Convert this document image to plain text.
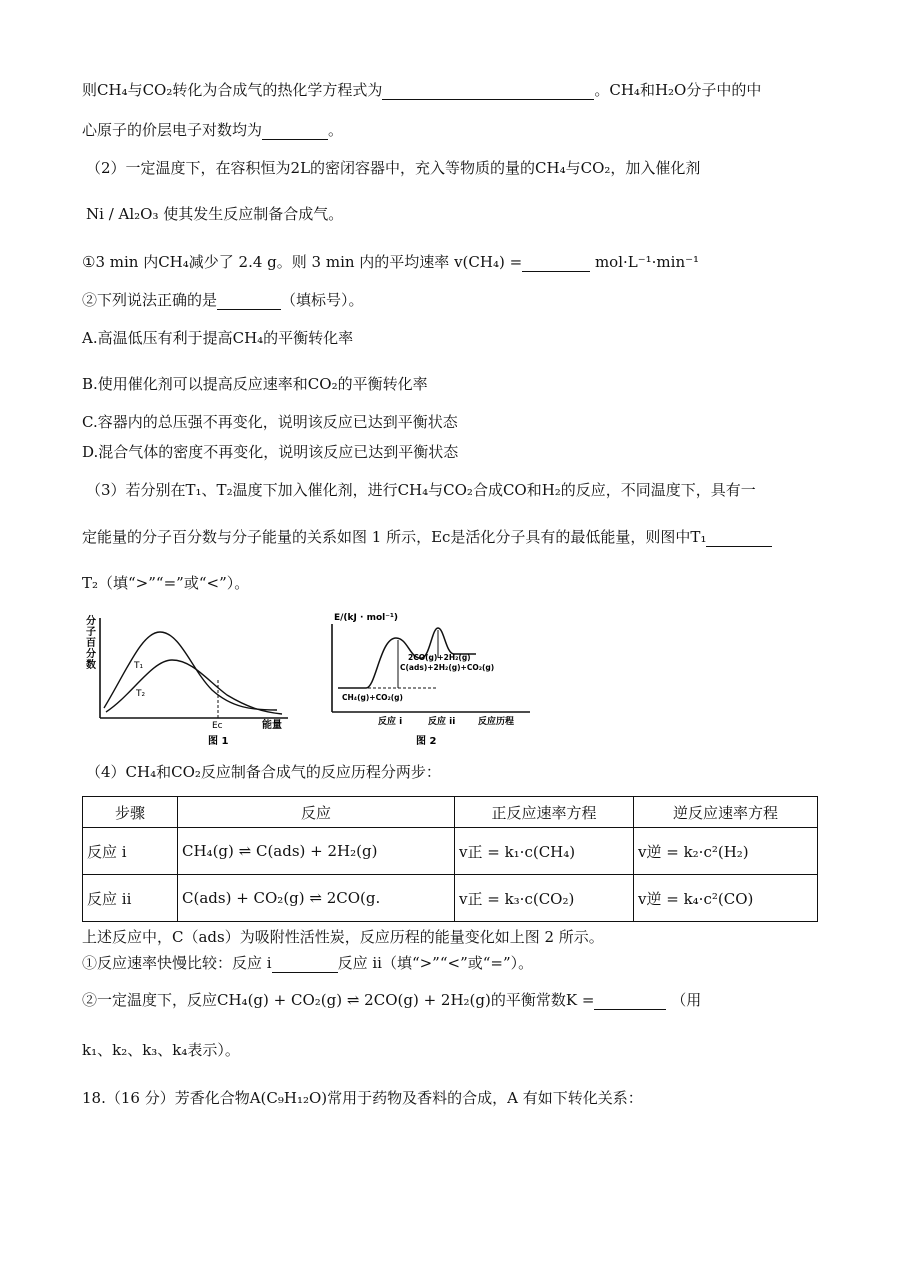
则CH₄与CO₂转化为合成气的热化学方程式为	。CH₄和H₂O分子中的中
心原子的价层电子对数均为	。
（2）一定温度下，在容积恒为2L的密闭容器中，充入等物质的量的CH₄与CO₂，加入催化剂
Ni / Al₂O₃ 使其发生反应制备合成气。
①3 min 内CH₄减少了 2.4 g。则 3 min 内的平均速率 v(CH₄) =	mol·L⁻¹·min⁻¹
②下列说法正确的是	（填标号）。
A.高温低压有利于提高CH₄的平衡转化率
B.使用催化剂可以提高反应速率和CO₂的平衡转化率
C.容器内的总压强不再变化，说明该反应已达到平衡状态
D.混合气体的密度不再变化，说明该反应已达到平衡状态
（3）若分别在T₁、T₂温度下加入催化剂，进行CH₄与CO₂合成CO和H₂的反应，不同温度下，具有一
定能量的分子百分数与分子能量的关系如图 1 所示，Eс是活化分子具有的最低能量，则图中T₁
T₂（填“>”“=”或“<”）。
分
子
百
分
数	T₁
T₂
Eс	能量
图 1
E/(kJ · mol⁻¹)
2CO(g)+2H₂(g)
C(ads)+2H₂(g)+CO₂(g)
CH₄(g)+CO₂(g)
反应 i	反应 ii	反应历程
图 2
（4）CH₄和CO₂反应制备合成气的反应历程分两步：
步骤	反应	正反应速率方程	逆反应速率方程
反应 i	CH₄(g) ⇌ C(ads) + 2H₂(g)	v正 = k₁·c(CH₄)	v逆 = k₂·c²(H₂)
反应 ii	C(ads) + CO₂(g) ⇌ 2CO(g.	v正 = k₃·c(CO₂)	v逆 = k₄·c²(CO)
上述反应中，C（ads）为吸附性活性炭，反应历程的能量变化如上图 2 所示。
①反应速率快慢比较：反应 i	反应 ii（填“>”“<”或“=”）。
②一定温度下，反应CH₄(g) + CO₂(g) ⇌ 2CO(g) + 2H₂(g)的平衡常数K =	（用
k₁、k₂、k₃、k₄表示）。
18.（16 分）芳香化合物A(C₉H₁₂O)常用于药物及香料的合成，A 有如下转化关系：
